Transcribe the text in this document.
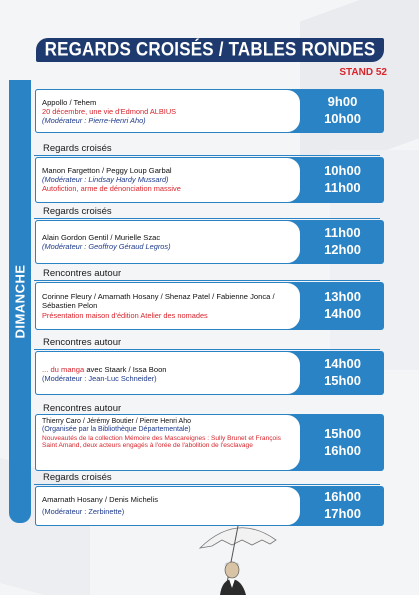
REGARDS CROISÉS / TABLES RONDES
STAND 52
DIMANCHE
Appollo / Tehem
20 décembre, une vie d'Edmond ALBIUS
(Modérateur : Pierre-Henri Aho)
9h00
10h00
Regards croisés
Manon Fargetton / Peggy Loup Garbal
(Modérateur : Lindsay Hardy Mussard)
Autofiction, arme de dénonciation massive
10h00
11h00
Regards croisés
Alain Gordon Gentil / Murielle Szac
(Modérateur : Geoffroy Géraud Legros)
11h00
12h00
Rencontres autour
Corinne Fleury / Amarnath Hosany / Shenaz Patel / Fabienne Jonca / Sébastien Pelon
Présentation maison d'édition Atelier des nomades
13h00
14h00
Rencontres autour
... du manga avec Staark / Issa Boon
(Modérateur : Jean-Luc Schneider)
14h00
15h00
Rencontres autour
Thierry Caro / Jérémy Boutier / Pierre Henri Aho
(Organisée par la Bibliothèque Départementale)
Nouveautés de la collection Mémoire des Mascareignes : Sully Brunet et François Saint Amand, deux acteurs engagés à l'orée de l'abolition de l'esclavage
15h00
16h00
Regards croisés
Amarnath Hosany / Denis Michelis
(Modérateur : Zerbinette)
16h00
17h00
